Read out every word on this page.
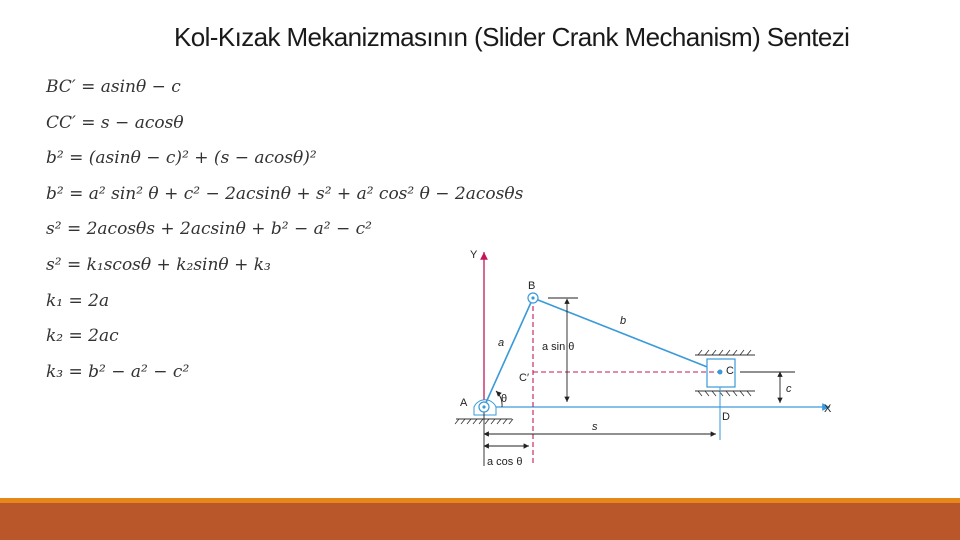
Kol-Kızak Mekanizmasının (Slider Crank Mechanism) Sentezi
BC′ = asinθ − c
CC′ = s − acosθ
b² = (asinθ − c)² + (s − acosθ)²
b² = a² sin² θ + c² − 2acsinθ + s² + a² cos² θ − 2acosθs
s² = 2acosθs + 2acsinθ + b² − a² − c²
s² = k₁scosθ + k₂sinθ + k₃
k₁ = 2a
k₂ = 2ac
k₃ = b² − a² − c²
Y
X
A
B
C
C′
D
a
b
c
s
θ
a sin θ
a cos θ
